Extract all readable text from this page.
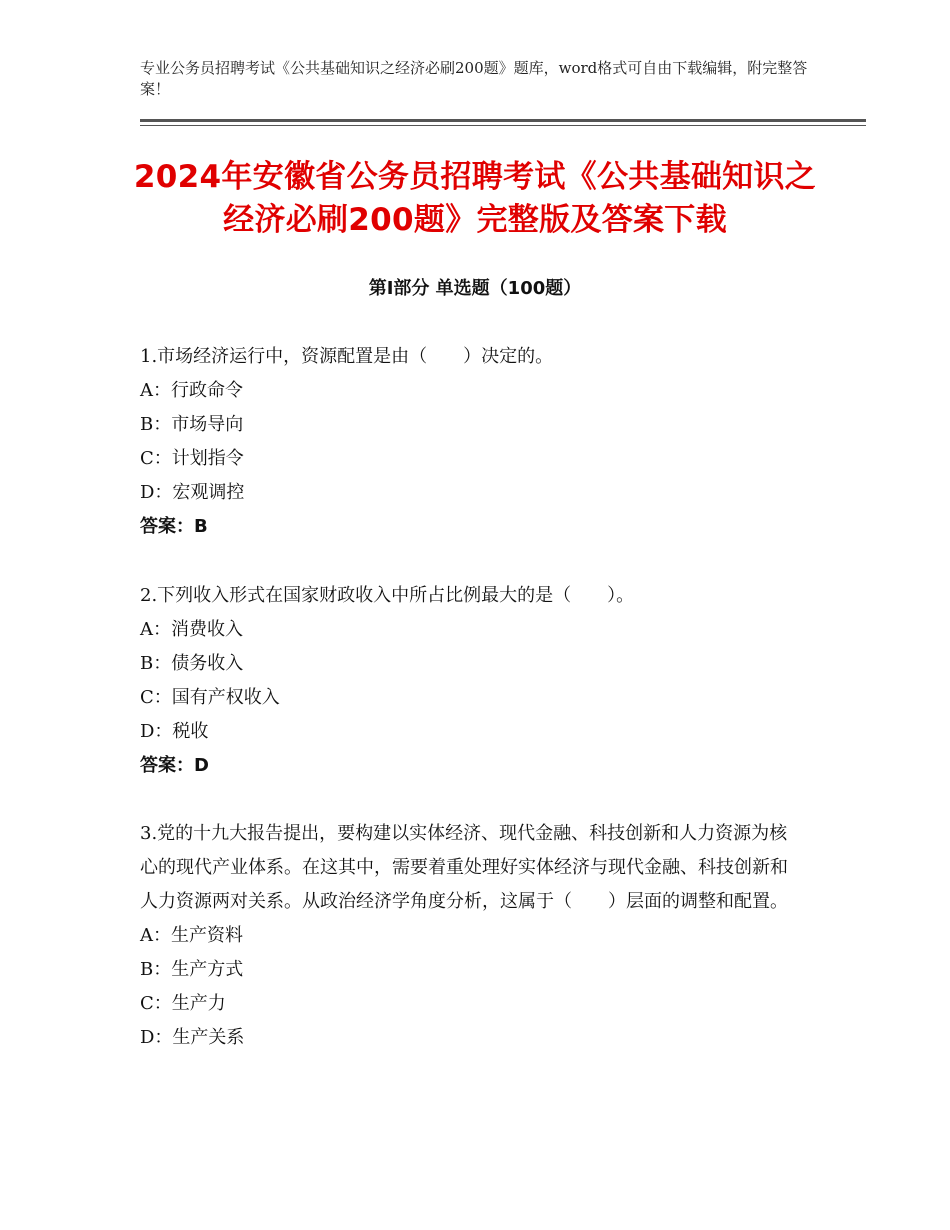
专业公务员招聘考试《公共基础知识之经济必刷200题》题库，word格式可自由下载编辑，附完整答案！
2024年安徽省公务员招聘考试《公共基础知识之经济必刷200题》完整版及答案下载
第Ⅰ部分 单选题（100题）

1.市场经济运行中，资源配置是由（　　）决定的。

A：行政命令

B：市场导向

C：计划指令

D：宏观调控

答案：B

2.下列收入形式在国家财政收入中所占比例最大的是（　　）。

A：消费收入

B：债务收入

C：国有产权收入

D：税收

答案：D

3.党的十九大报告提出，要构建以实体经济、现代金融、科技创新和人力资源为核心的现代产业体系。在这其中，需要着重处理好实体经济与现代金融、科技创新和人力资源两对关系。从政治经济学角度分析，这属于（　　）层面的调整和配置。

A：生产资料

B：生产方式

C：生产力

D：生产关系
